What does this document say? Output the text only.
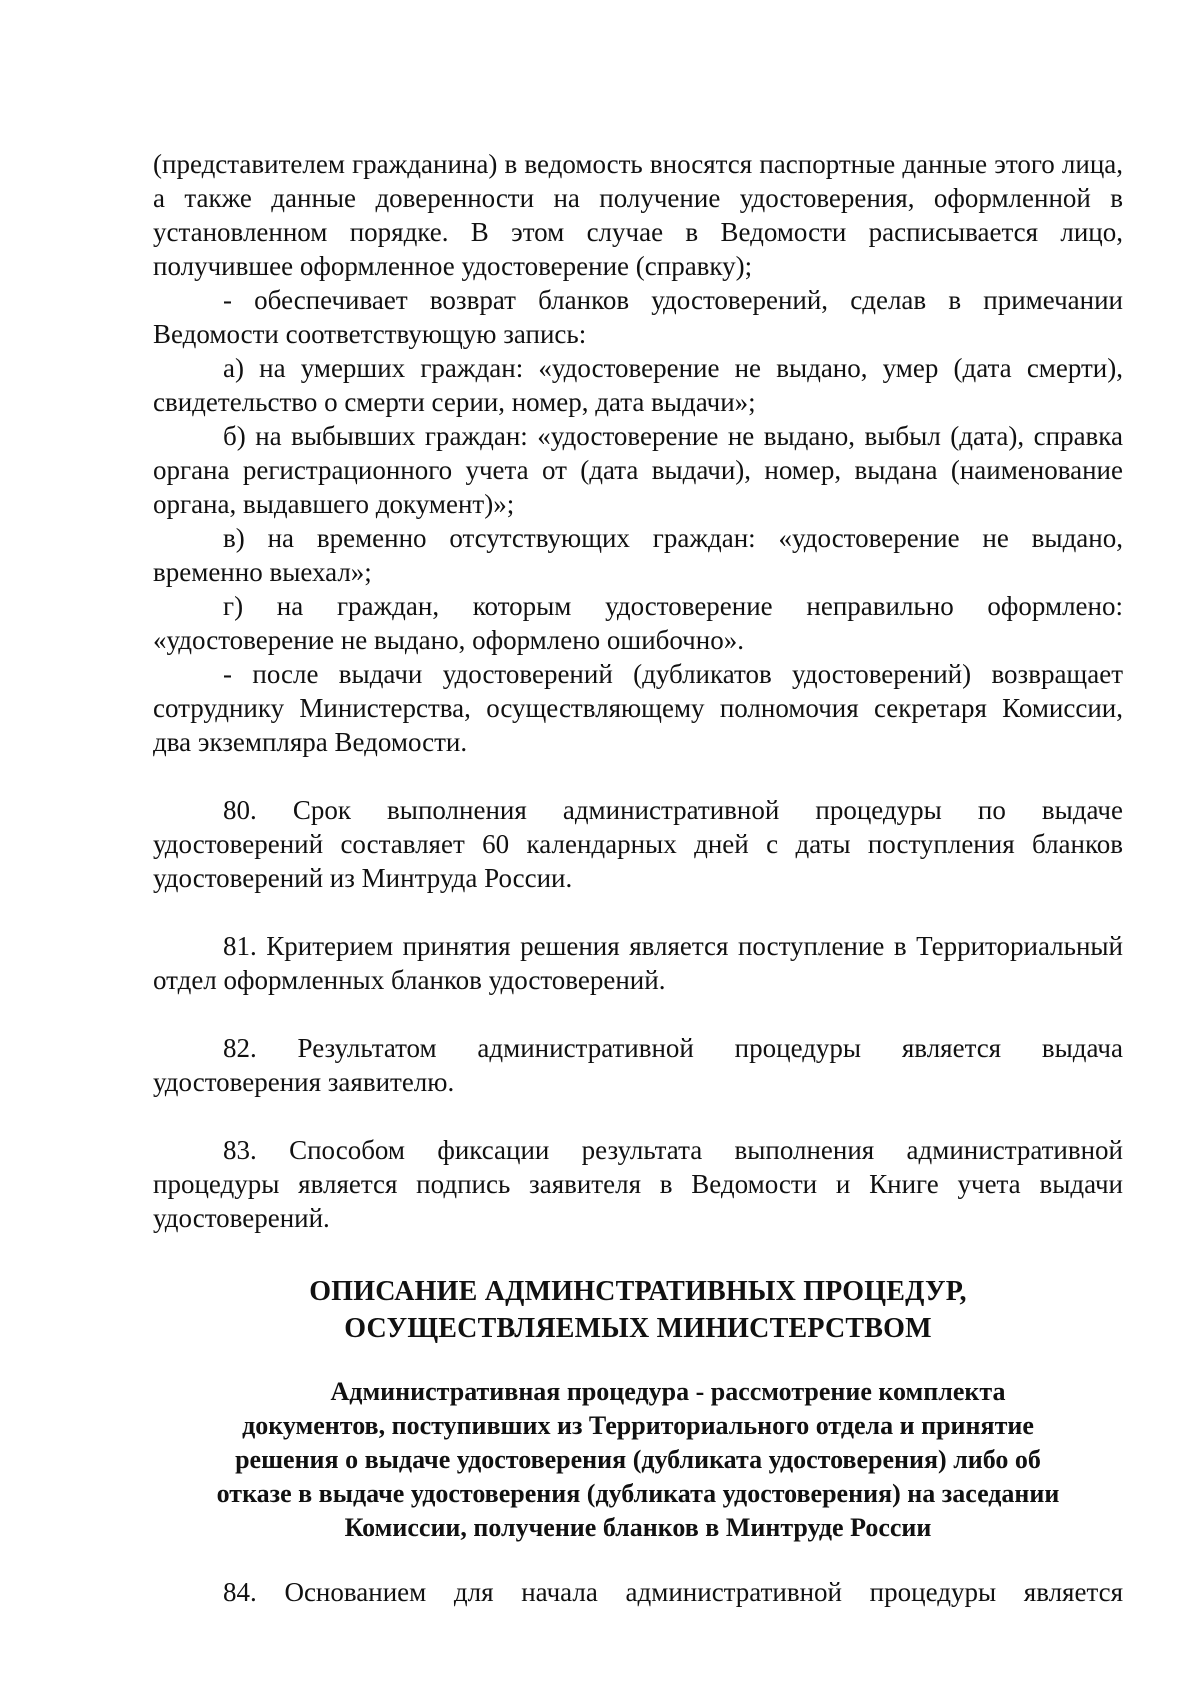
(представителем гражданина) в ведомость вносятся паспортные данные этого лица, а также данные доверенности на получение удостоверения, оформленной в установленном порядке. В этом случае в Ведомости расписывается лицо, получившее оформленное удостоверение (справку);

- обеспечивает возврат бланков удостоверений, сделав в примечании Ведомости соответствующую запись:

а) на умерших граждан: «удостоверение не выдано, умер (дата смерти), свидетельство о смерти серии, номер, дата выдачи»;

б) на выбывших граждан: «удостоверение не выдано, выбыл (дата), справка органа регистрационного учета от (дата выдачи), номер, выдана (наименование органа, выдавшего документ)»;

в) на временно отсутствующих граждан: «удостоверение не выдано, временно выехал»;

г) на граждан, которым удостоверение неправильно оформлено: «удостоверение не выдано, оформлено ошибочно».

- после выдачи удостоверений (дубликатов удостоверений) возвращает сотруднику Министерства, осуществляющему полномочия секретаря Комиссии, два экземпляра Ведомости.

80. Срок выполнения административной процедуры по выдаче удостоверений составляет 60 календарных дней с даты поступления бланков удостоверений из Минтруда России.

81. Критерием принятия решения является поступление в Территориальный отдел оформленных бланков удостоверений.

82. Результатом административной процедуры является выдача удостоверения заявителю.

83. Способом фиксации результата выполнения административной процедуры является подпись заявителя в Ведомости и Книге учета выдачи удостоверений.

ОПИСАНИЕ АДМИНСТРАТИВНЫХ ПРОЦЕДУР,
ОСУЩЕСТВЛЯЕМЫХ МИНИСТЕРСТВОМ
Административная процедура - рассмотрение комплекта
документов, поступивших из Территориального отдела и принятие
решения о выдаче удостоверения (дубликата удостоверения) либо об
отказе в выдаче удостоверения (дубликата удостоверения) на заседании
Комиссии, получение бланков в Минтруде России

84. Основанием для начала административной процедуры является
